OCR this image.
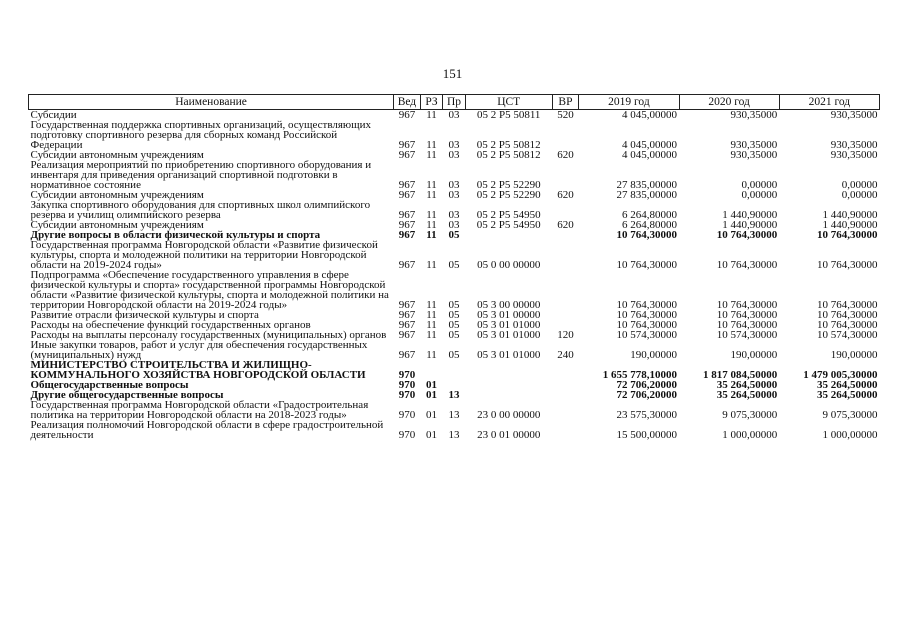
151
Наименование	Вед	РЗ	Пр	ЦСТ	ВР	2019 год	2020 год	2021 год
Субсидии	967	11	03	05 2 P5 50811	520	4 045,00000	930,35000	930,35000
Государственная поддержка спортивных организаций, осуществляющих подготовку спортивного резерва для сборных команд Российской Федерации	967	11	03	05 2 P5 50812		4 045,00000	930,35000	930,35000
Субсидии автономным учреждениям	967	11	03	05 2 P5 50812	620	4 045,00000	930,35000	930,35000
Реализация мероприятий по приобретению спортивного оборудования и инвентаря для приведения организаций спортивной подготовки в нормативное состояние	967	11	03	05 2 P5 52290		27 835,00000	0,00000	0,00000
Субсидии автономным учреждениям	967	11	03	05 2 P5 52290	620	27 835,00000	0,00000	0,00000
Закупка спортивного оборудования для спортивных школ олимпийского резерва и училищ олимпийского резерва	967	11	03	05 2 P5 54950		6 264,80000	1 440,90000	1 440,90000
Субсидии автономным учреждениям	967	11	03	05 2 P5 54950	620	6 264,80000	1 440,90000	1 440,90000
Другие вопросы в области физической культуры и спорта	967	11	05			10 764,30000	10 764,30000	10 764,30000
Государственная программа Новгородской области «Развитие физической культуры, спорта и молодежной политики на территории Новгородской области на 2019-2024 годы»	967	11	05	05 0 00 00000		10 764,30000	10 764,30000	10 764,30000
Подпрограмма «Обеспечение государственного управления в сфере физической культуры и спорта» государственной программы Новгородской области «Развитие физической культуры, спорта и молодежной политики на территории Новгородской области на 2019-2024 годы»	967	11	05	05 3 00 00000		10 764,30000	10 764,30000	10 764,30000
Развитие отрасли физической культуры и спорта	967	11	05	05 3 01 00000		10 764,30000	10 764,30000	10 764,30000
Расходы на обеспечение функций государственных органов	967	11	05	05 3 01 01000		10 764,30000	10 764,30000	10 764,30000
Расходы на выплаты персоналу государственных (муниципальных) органов	967	11	05	05 3 01 01000	120	10 574,30000	10 574,30000	10 574,30000
Иные закупки товаров, работ и услуг для обеспечения государственных (муниципальных) нужд	967	11	05	05 3 01 01000	240	190,00000	190,00000	190,00000
МИНИСТЕРСТВО СТРОИТЕЛЬСТВА И ЖИЛИЩНО-КОММУНАЛЬНОГО ХОЗЯЙСТВА НОВГОРОДСКОЙ ОБЛАСТИ	970					1 655 778,10000	1 817 084,50000	1 479 005,30000
Общегосударственные вопросы	970	01				72 706,20000	35 264,50000	35 264,50000
Другие общегосударственные вопросы	970	01	13			72 706,20000	35 264,50000	35 264,50000
Государственная программа Новгородской области «Градостроительная политика на территории Новгородской области на 2018-2023 годы»	970	01	13	23 0 00 00000		23 575,30000	9 075,30000	9 075,30000
Реализация полномочий Новгородской области в сфере градостроительной деятельности	970	01	13	23 0 01 00000		15 500,00000	1 000,00000	1 000,00000
